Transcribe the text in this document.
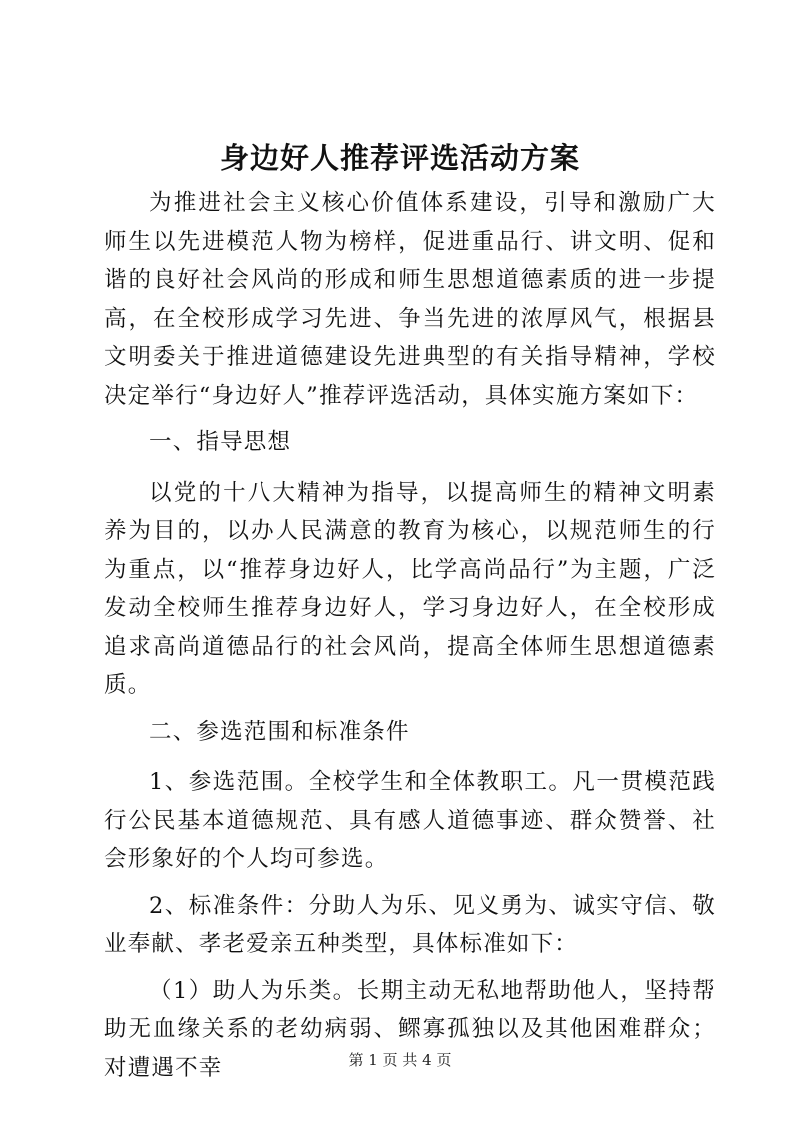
身边好人推荐评选活动方案

为推进社会主义核心价值体系建设，引导和激励广大师生以先进模范人物为榜样，促进重品行、讲文明、促和谐的良好社会风尚的形成和师生思想道德素质的进一步提高，在全校形成学习先进、争当先进的浓厚风气，根据县文明委关于推进道德建设先进典型的有关指导精神，学校决定举行“身边好人”推荐评选活动，具体实施方案如下：

一、指导思想

以党的十八大精神为指导，以提高师生的精神文明素养为目的，以办人民满意的教育为核心，以规范师生的行为重点，以“推荐身边好人，比学高尚品行”为主题，广泛发动全校师生推荐身边好人，学习身边好人，在全校形成追求高尚道德品行的社会风尚，提高全体师生思想道德素质。

二、参选范围和标准条件

1、参选范围。全校学生和全体教职工。凡一贯模范践行公民基本道德规范、具有感人道德事迹、群众赞誉、社会形象好的个人均可参选。

2、标准条件：分助人为乐、见义勇为、诚实守信、敬业奉献、孝老爱亲五种类型，具体标准如下：

（1）助人为乐类。长期主动无私地帮助他人，坚持帮助无血缘关系的老幼病弱、鳏寡孤独以及其他困难群众；对遭遇不幸	第 1 页 共 4 页
